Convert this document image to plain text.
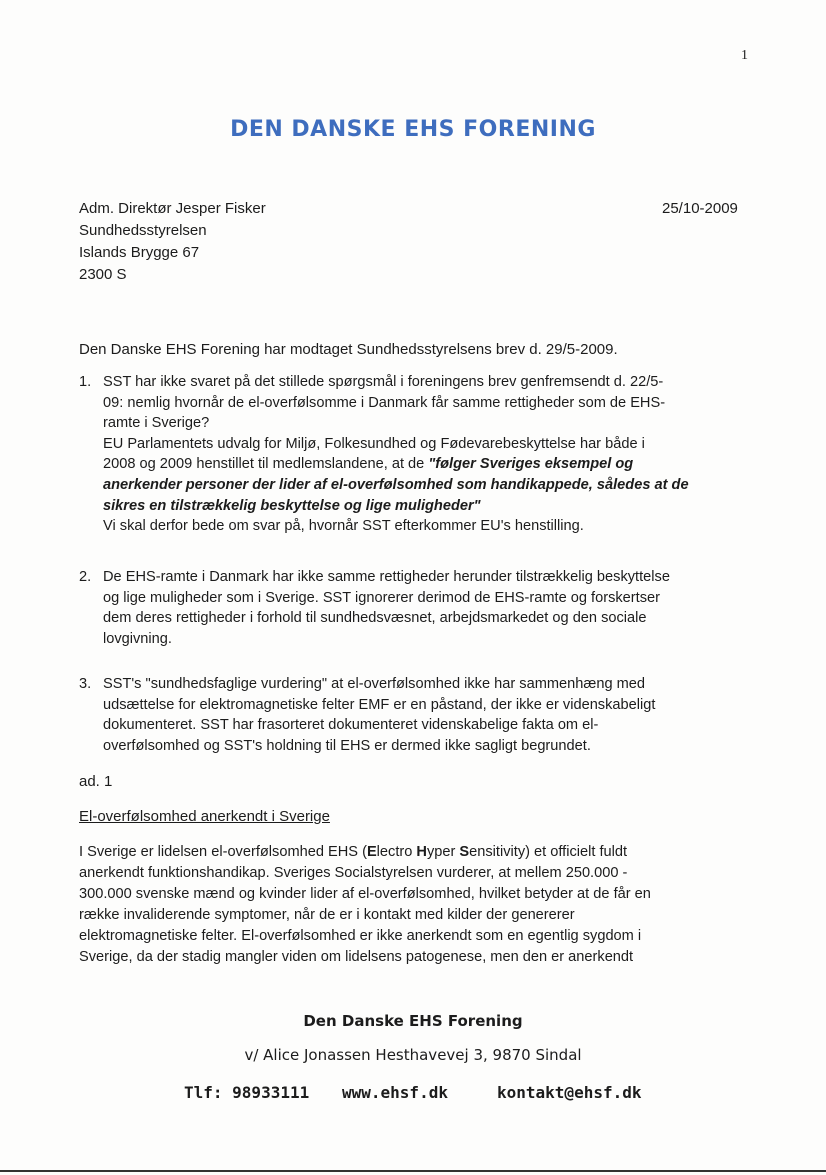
1
DEN DANSKE EHS FORENING
Adm. Direktør Jesper Fisker
Sundhedsstyrelsen
Islands Brygge 67
2300 S
25/10-2009
Den Danske EHS Forening har modtaget Sundhedsstyrelsens brev d. 29/5-2009.
1. SST har ikke svaret på det stillede spørgsmål i foreningens brev genfremsendt d. 22/5-
09: nemlig hvornår de el-overfølsomme i Danmark får samme rettigheder som de EHS-
ramte i Sverige?
EU Parlamentets udvalg for Miljø, Folkesundhed og Fødevarebeskyttelse har både i
2008 og 2009 henstillet til medlemslandene, at de "følger Sveriges eksempel og
anerkender personer der lider af el-overfølsomhed som handikappede, således at de
sikres en tilstrækkelig beskyttelse og lige muligheder"
Vi skal derfor bede om svar på, hvornår SST efterkommer EU's henstilling.
2. De EHS-ramte i Danmark har ikke samme rettigheder herunder tilstrækkelig beskyttelse
og lige muligheder som i Sverige. SST ignorerer derimod de EHS-ramte og forskertser
dem deres rettigheder i forhold til sundhedsvæsnet, arbejdsmarkedet og den sociale
lovgivning.
3. SST's "sundhedsfaglige vurdering" at el-overfølsomhed ikke har sammenhæng med
udsættelse for elektromagnetiske felter EMF er en påstand, der ikke er videnskabeligt
dokumenteret. SST har frasorteret dokumenteret videnskabelige fakta om el-
overfølsomhed og SST's holdning til EHS er dermed ikke sagligt begrundet.
ad. 1
El-overfølsomhed anerkendt i Sverige
I Sverige er lidelsen el-overfølsomhed EHS (Electro Hyper Sensitivity) et officielt fuldt
anerkendt funktionshandikap. Sveriges Socialstyrelsen vurderer, at mellem 250.000 -
300.000 svenske mænd og kvinder lider af el-overfølsomhed, hvilket betyder at de får en
række invaliderende symptomer, når de er i kontakt med kilder der genererer
elektromagnetiske felter. El-overfølsomhed er ikke anerkendt som en egentlig sygdom i
Sverige, da der stadig mangler viden om lidelsens patogenese, men den er anerkendt
Den Danske EHS Forening
v/ Alice Jonassen Hesthavevej 3, 9870 Sindal
Tlf: 98933111 www.ehsf.dk	kontakt@ehsf.dk
